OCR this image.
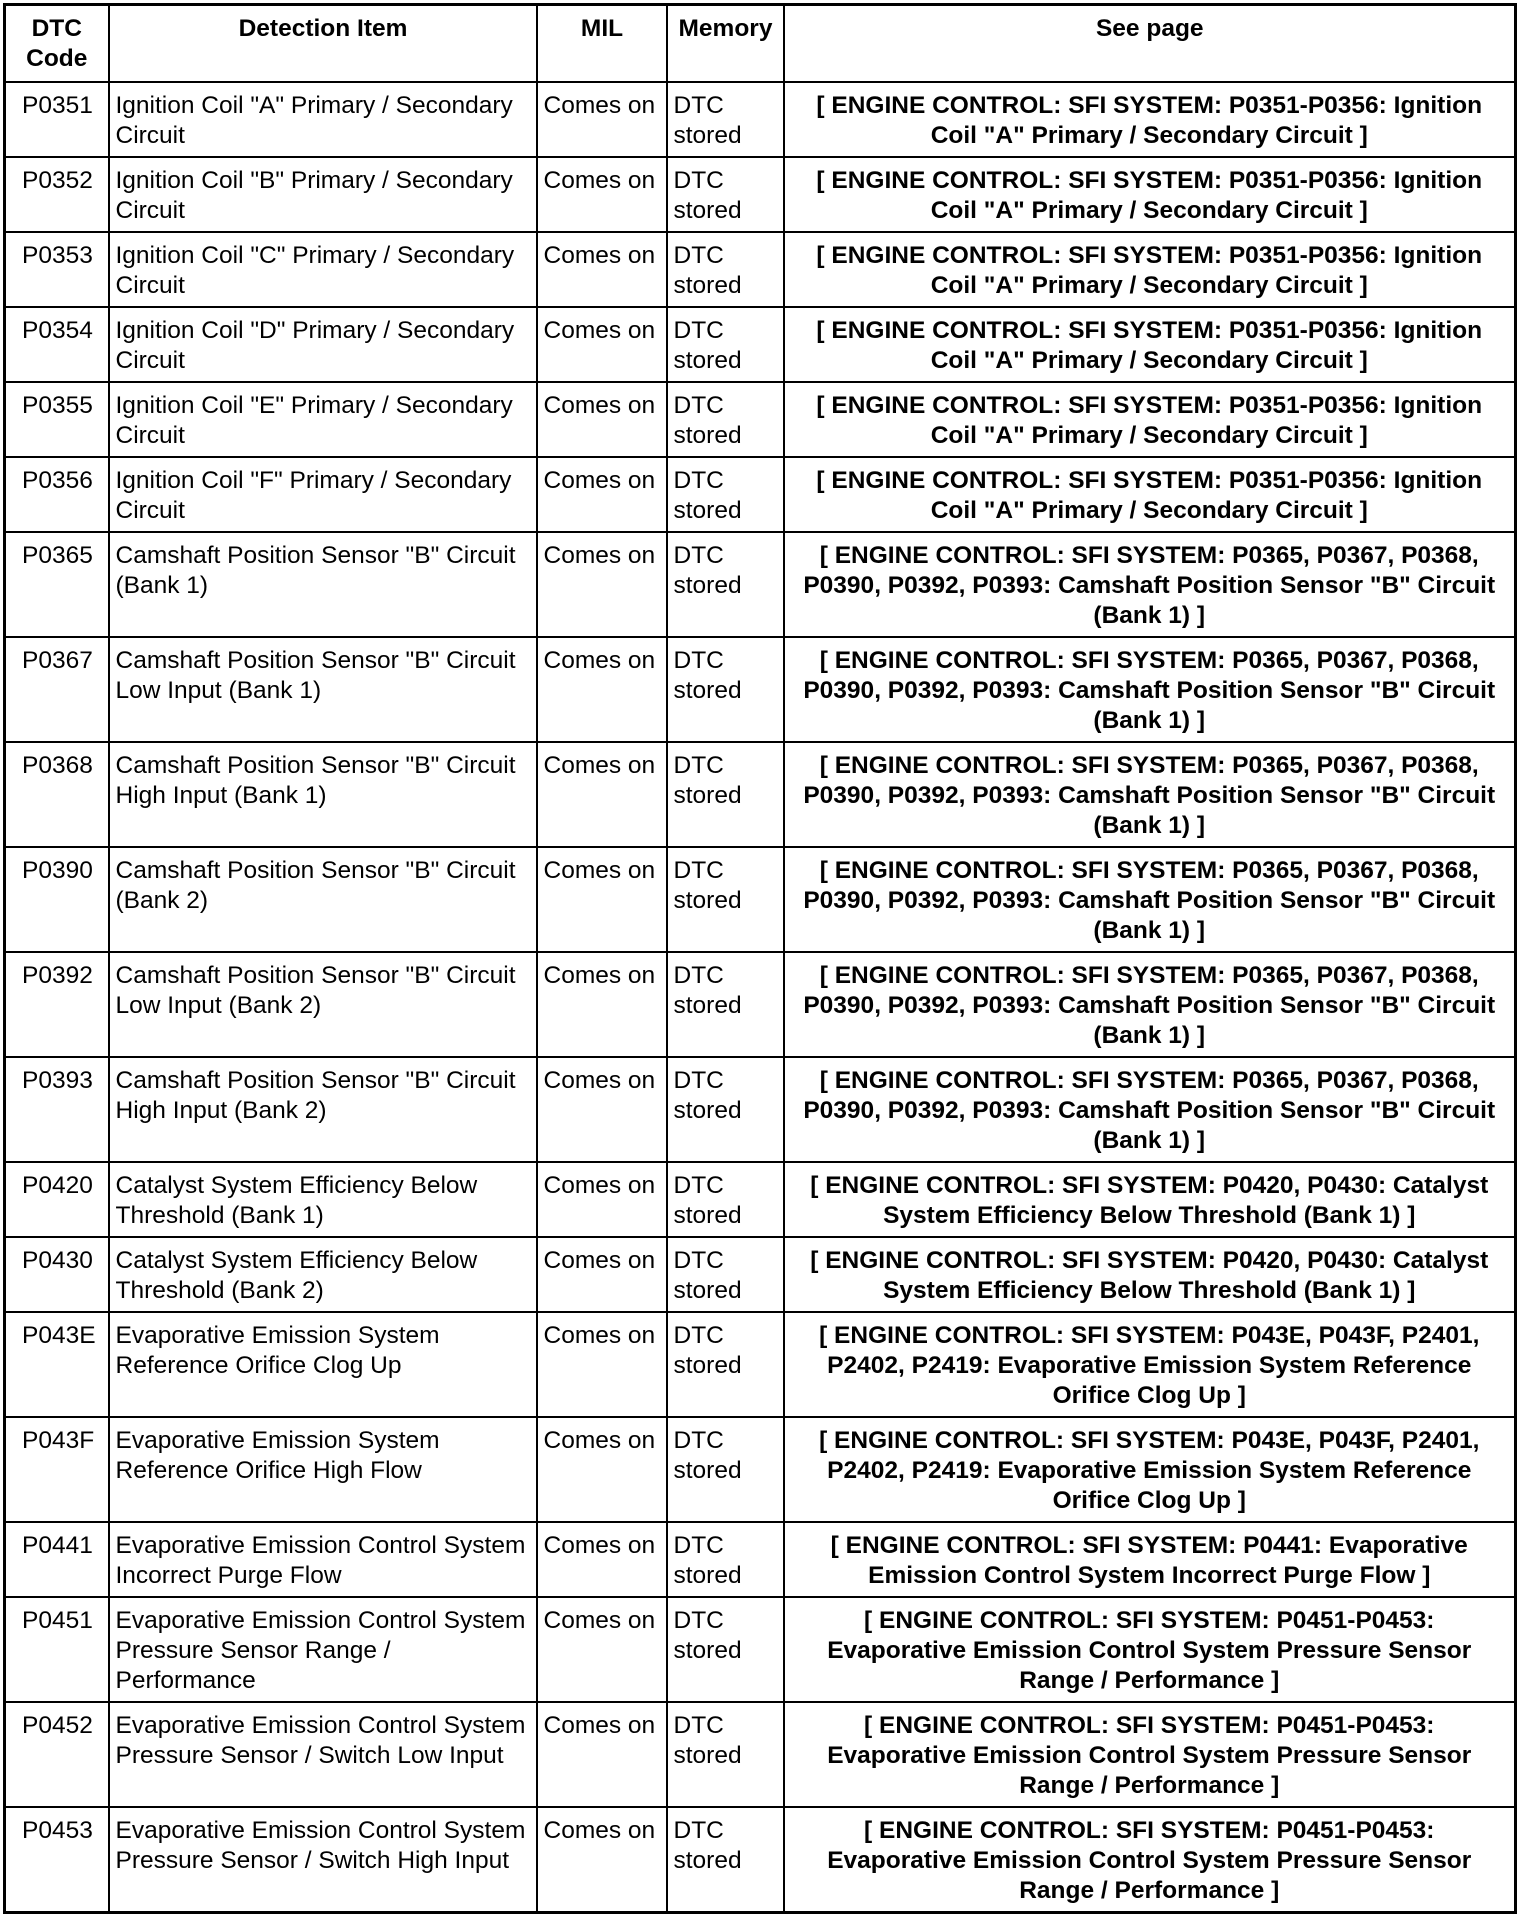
DTC Code	Detection Item	MIL	Memory	See page
P0351	Ignition Coil "A" Primary / Secondary Circuit	Comes on	DTC stored	[ ENGINE CONTROL: SFI SYSTEM: P0351-P0356: Ignition Coil "A" Primary / Secondary Circuit ]
P0352	Ignition Coil "B" Primary / Secondary Circuit	Comes on	DTC stored	[ ENGINE CONTROL: SFI SYSTEM: P0351-P0356: Ignition Coil "A" Primary / Secondary Circuit ]
P0353	Ignition Coil "C" Primary / Secondary Circuit	Comes on	DTC stored	[ ENGINE CONTROL: SFI SYSTEM: P0351-P0356: Ignition Coil "A" Primary / Secondary Circuit ]
P0354	Ignition Coil "D" Primary / Secondary Circuit	Comes on	DTC stored	[ ENGINE CONTROL: SFI SYSTEM: P0351-P0356: Ignition Coil "A" Primary / Secondary Circuit ]
P0355	Ignition Coil "E" Primary / Secondary Circuit	Comes on	DTC stored	[ ENGINE CONTROL: SFI SYSTEM: P0351-P0356: Ignition Coil "A" Primary / Secondary Circuit ]
P0356	Ignition Coil "F" Primary / Secondary Circuit	Comes on	DTC stored	[ ENGINE CONTROL: SFI SYSTEM: P0351-P0356: Ignition Coil "A" Primary / Secondary Circuit ]
P0365	Camshaft Position Sensor "B" Circuit (Bank 1)	Comes on	DTC stored	[ ENGINE CONTROL: SFI SYSTEM: P0365, P0367, P0368, P0390, P0392, P0393: Camshaft Position Sensor "B" Circuit (Bank 1) ]
P0367	Camshaft Position Sensor "B" Circuit Low Input (Bank 1)	Comes on	DTC stored	[ ENGINE CONTROL: SFI SYSTEM: P0365, P0367, P0368, P0390, P0392, P0393: Camshaft Position Sensor "B" Circuit (Bank 1) ]
P0368	Camshaft Position Sensor "B" Circuit High Input (Bank 1)	Comes on	DTC stored	[ ENGINE CONTROL: SFI SYSTEM: P0365, P0367, P0368, P0390, P0392, P0393: Camshaft Position Sensor "B" Circuit (Bank 1) ]
P0390	Camshaft Position Sensor "B" Circuit (Bank 2)	Comes on	DTC stored	[ ENGINE CONTROL: SFI SYSTEM: P0365, P0367, P0368, P0390, P0392, P0393: Camshaft Position Sensor "B" Circuit (Bank 1) ]
P0392	Camshaft Position Sensor "B" Circuit Low Input (Bank 2)	Comes on	DTC stored	[ ENGINE CONTROL: SFI SYSTEM: P0365, P0367, P0368, P0390, P0392, P0393: Camshaft Position Sensor "B" Circuit (Bank 1) ]
P0393	Camshaft Position Sensor "B" Circuit High Input (Bank 2)	Comes on	DTC stored	[ ENGINE CONTROL: SFI SYSTEM: P0365, P0367, P0368, P0390, P0392, P0393: Camshaft Position Sensor "B" Circuit (Bank 1) ]
P0420	Catalyst System Efficiency Below Threshold (Bank 1)	Comes on	DTC stored	[ ENGINE CONTROL: SFI SYSTEM: P0420, P0430: Catalyst System Efficiency Below Threshold (Bank 1) ]
P0430	Catalyst System Efficiency Below Threshold (Bank 2)	Comes on	DTC stored	[ ENGINE CONTROL: SFI SYSTEM: P0420, P0430: Catalyst System Efficiency Below Threshold (Bank 1) ]
P043E	Evaporative Emission System Reference Orifice Clog Up	Comes on	DTC stored	[ ENGINE CONTROL: SFI SYSTEM: P043E, P043F, P2401, P2402, P2419: Evaporative Emission System Reference Orifice Clog Up ]
P043F	Evaporative Emission System Reference Orifice High Flow	Comes on	DTC stored	[ ENGINE CONTROL: SFI SYSTEM: P043E, P043F, P2401, P2402, P2419: Evaporative Emission System Reference Orifice Clog Up ]
P0441	Evaporative Emission Control System Incorrect Purge Flow	Comes on	DTC stored	[ ENGINE CONTROL: SFI SYSTEM: P0441: Evaporative Emission Control System Incorrect Purge Flow ]
P0451	Evaporative Emission Control System Pressure Sensor Range / Performance	Comes on	DTC stored	[ ENGINE CONTROL: SFI SYSTEM: P0451-P0453: Evaporative Emission Control System Pressure Sensor Range / Performance ]
P0452	Evaporative Emission Control System Pressure Sensor / Switch Low Input	Comes on	DTC stored	[ ENGINE CONTROL: SFI SYSTEM: P0451-P0453: Evaporative Emission Control System Pressure Sensor Range / Performance ]
P0453	Evaporative Emission Control System Pressure Sensor / Switch High Input	Comes on	DTC stored	[ ENGINE CONTROL: SFI SYSTEM: P0451-P0453: Evaporative Emission Control System Pressure Sensor Range / Performance ]
